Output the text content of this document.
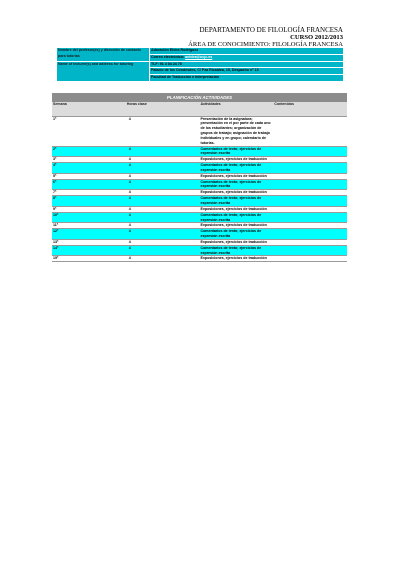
DEPARTAMENTO DE FILOLOGÍA FRANCESA
CURSO 2012/2013
ÁREA DE CONOCIMIENTO: FILOLOGÍA FRANCESA
Nombre del profesor(es) y dirección de contacto para tutorías	Adoración Elvira Rodríguez
	Correo electrónico: aelvira@ucjc.es
Name of lecturer(s) and address for tutoring	TLF: 91 4 04 24 78
	Palacio de los Condesdes, C/ Pza Ricaldea, 15, Despacho nº 15
	Facultad de Traducción e Interpretación
PLANIFICACIÓN ACTIVIDADES			
Semana	Horas clase	Actividades	Contenidos
1ª	4	Presentación de la asignatura; presentación en el por parte de cada uno de los estudiantes; organización de grupos de trabajo; asignación de trabajo individuales y en grupo; calendario de tutorías.	
2ª	4	Comentarios de texto; ejercicios de expresión escrita	
3ª	4	Exposiciones, ejercicios de traducción	
4ª	4	Comentarios de texto; ejercicios de expresión escrita	
5ª	4	Exposiciones, ejercicios de traducción	
6ª	4	Comentarios de texto; ejercicios de expresión escrita	
7ª	4	Exposiciones, ejercicios de traducción	
8ª	4	Comentarios de texto; ejercicios de expresión escrita	
9ª	4	Exposiciones, ejercicios de traducción	
10ª	4	Comentarios de texto; ejercicios de expresión escrita	
11ª	4	Exposiciones, ejercicios de traducción	
12ª	4	Comentarios de texto; ejercicios de expresión escrita	
13ª	4	Exposiciones, ejercicios de traducción	
14ª	4	Comentarios de texto; ejercicios de expresión escrita	
15ª	4	Exposiciones, ejercicios de traducción	
